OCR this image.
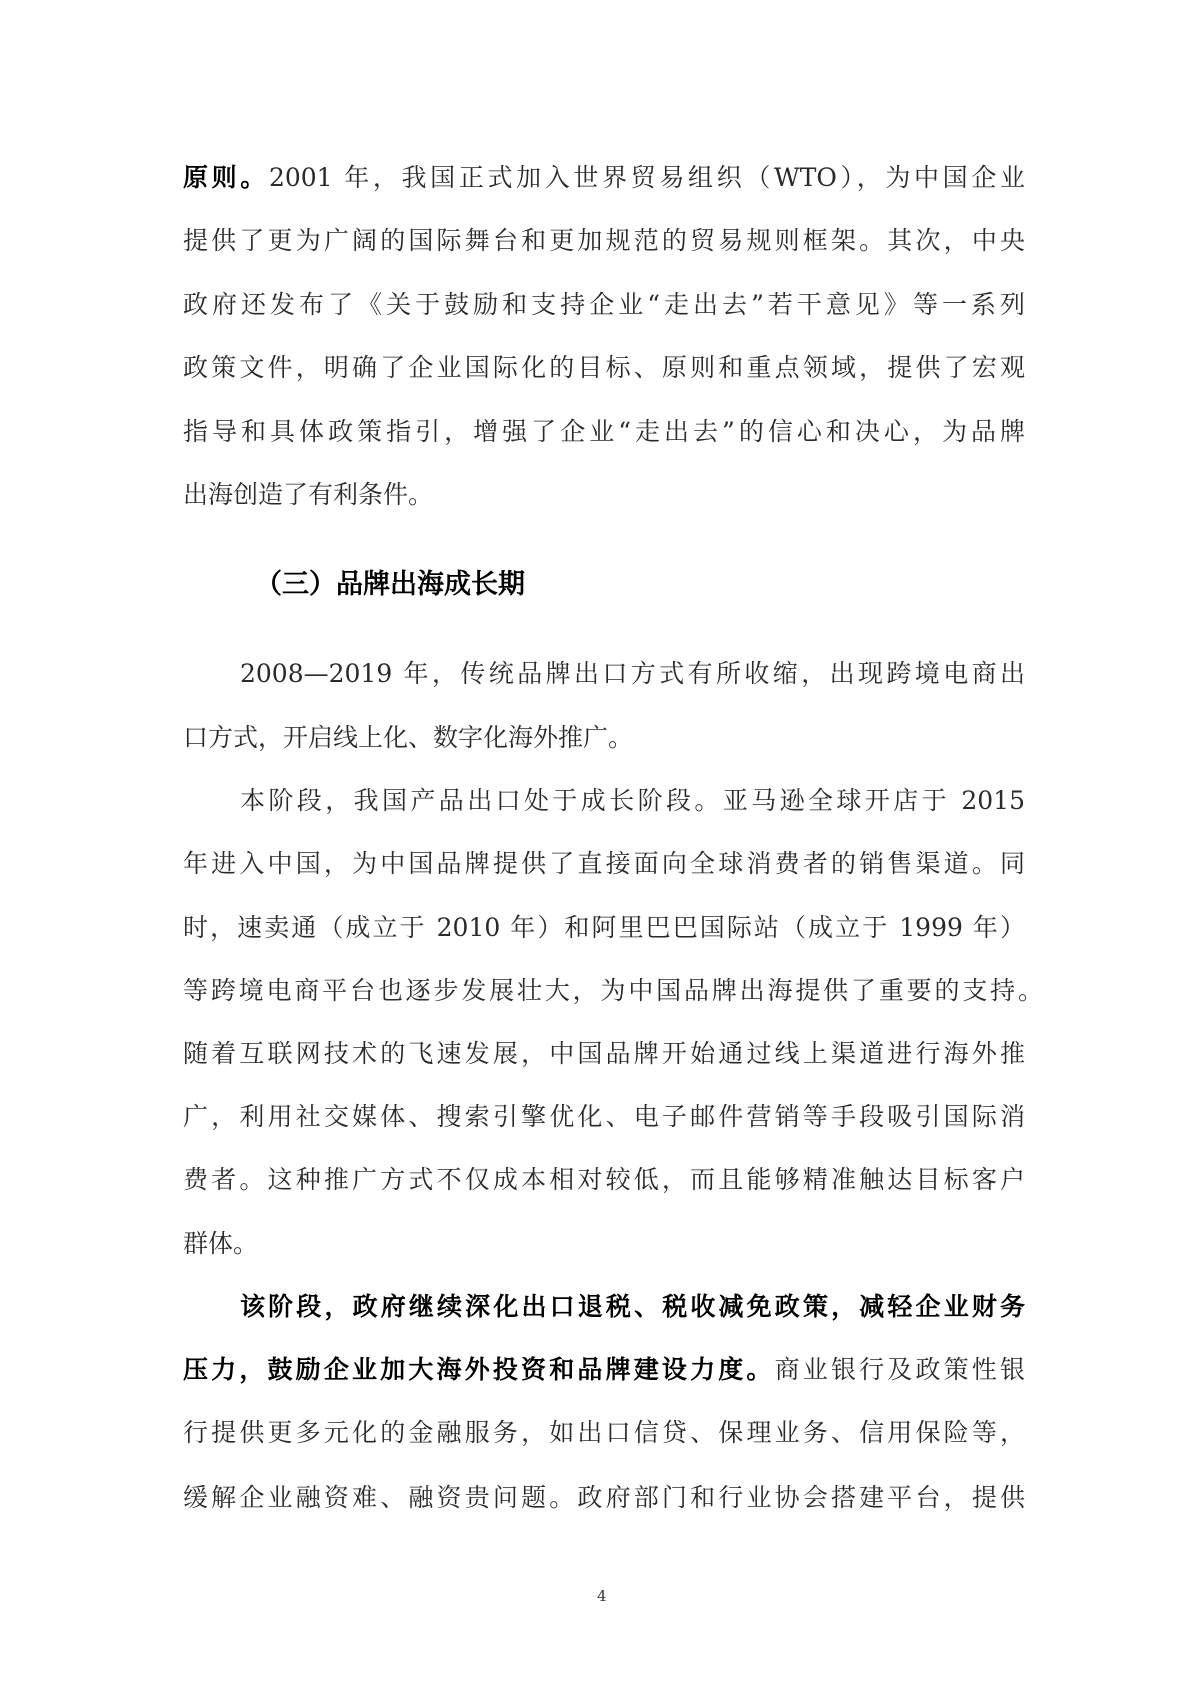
原则。2001 年，我国正式加入世界贸易组织（WTO），为中国企业
提供了更为广阔的国际舞台和更加规范的贸易规则框架。其次，中央
政府还发布了《关于鼓励和支持企业“走出去”若干意见》等一系列
政策文件，明确了企业国际化的目标、原则和重点领域，提供了宏观
指导和具体政策指引，增强了企业“走出去”的信心和决心，为品牌
出海创造了有利条件。
（三）品牌出海成长期
2008—2019 年，传统品牌出口方式有所收缩，出现跨境电商出
口方式，开启线上化、数字化海外推广。
本阶段，我国产品出口处于成长阶段。亚马逊全球开店于 2015
年进入中国，为中国品牌提供了直接面向全球消费者的销售渠道。同
时，速卖通（成立于 2010 年）和阿里巴巴国际站（成立于 1999 年）
等跨境电商平台也逐步发展壮大，为中国品牌出海提供了重要的支持。
随着互联网技术的飞速发展，中国品牌开始通过线上渠道进行海外推
广，利用社交媒体、搜索引擎优化、电子邮件营销等手段吸引国际消
费者。这种推广方式不仅成本相对较低，而且能够精准触达目标客户
群体。
该阶段，政府继续深化出口退税、税收减免政策，减轻企业财务
压力，鼓励企业加大海外投资和品牌建设力度。商业银行及政策性银
行提供更多元化的金融服务，如出口信贷、保理业务、信用保险等，
缓解企业融资难、融资贵问题。政府部门和行业协会搭建平台，提供
4
